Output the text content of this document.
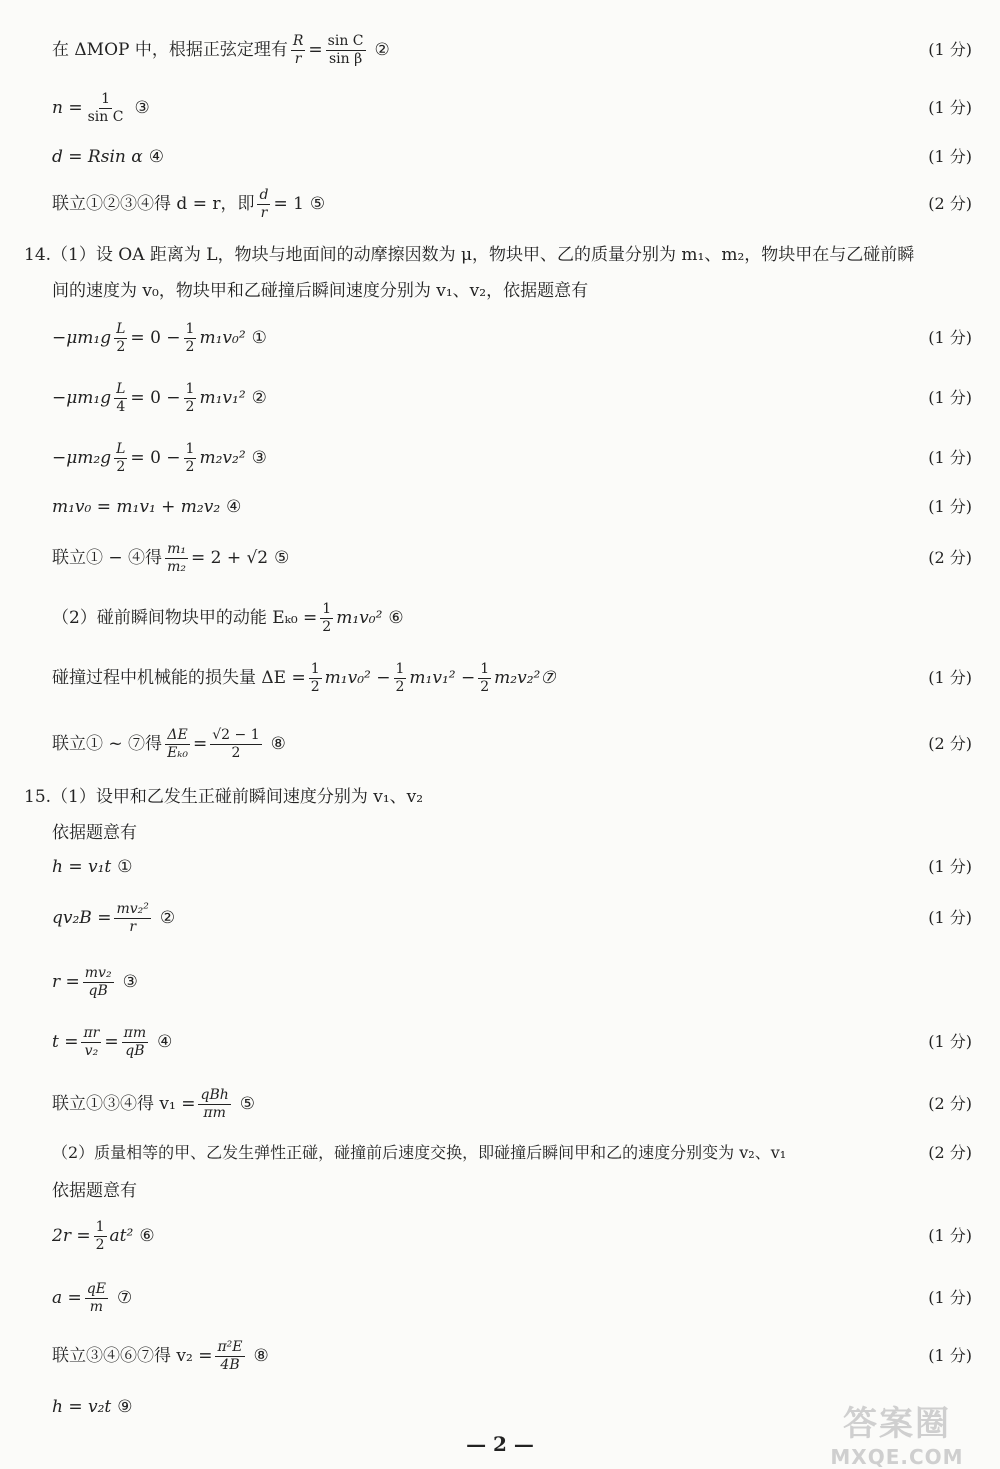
在 ΔMOP 中，根据正弦定理有 $\frac{R}{r} = \frac{\text{sin C}}{\text{sin β}}$ ②	( 1 分 )
$n = \frac{1}{\text{sin C}}$ ③	( 1 分 )
d = Rsin α ④	( 1 分 )
联立①②③④得 d = r，即 $\frac{d}{r} = 1$ ⑤	( 2 分 )
14.（1）设 OA 距离为 L，物块与地面间的动摩擦因数为 μ，物块甲、乙的质量分别为 m₁、m₂，物块甲在与乙碰前瞬
间的速度为 v₀，物块甲和乙碰撞后瞬间速度分别为 v₁、v₂，依据题意有
$-\mu m_1g \frac{L}{2} = 0 - \frac{1}{2} m_1v_0^2$ ①	( 1 分 )
$-\mu m_1g \frac{L}{4} = 0 - \frac{1}{2} m_1v_1^2$ ②	( 1 分 )
$-\mu m_2g \frac{L}{2} = 0 - \frac{1}{2} m_2v_2^2$ ③	( 1 分 )
m₁v₀ = m₁v₁ + m₂v₂ ④	( 1 分 )
联立① − ④得 $\frac{\text{m₁}}{\text{m₂}} = 2 + √2$ ⑤	( 2 分 )
（2）碰前瞬间物块甲的动能 $E_{k0} = \frac{1}{2} m_1v_0^2$ ⑥
碰撞过程中机械能的损失量 $\Delta E = \frac{1}{2} m_1v_0^2 - \frac{1}{2} m_1v_1^2 - \frac{1}{2}$ m₂v₂²⑦	( 1 分 )
联立① ~ ⑦得 $\frac{\Delta E}{\text{Eₖ₀}} = \frac{√2 - 1}{2}$ ⑧	( 2 分 )
15.（1）设甲和乙发生正碰前瞬间速度分别为 v₁、v₂
依据题意有
h = v₁t ①	( 1 分 )
$qv_2B = \frac{\text{mv₂²}}{r}$ ②	( 1 分 )
$r = \frac{\text{mv₂}}{qB}$ ③
$t = \frac{\pi r}{\text{v₂}} = \frac{\pi m}{qB}$ ④	( 1 分 )
联立①③④得 $v_1 = \frac{\text{qBh}}{\pi m}$ ⑤	( 2 分 )
（2）质量相等的甲、乙发生弹性正碰，碰撞前后速度交换，即碰撞后瞬间甲和乙的速度分别变为 v₂、v₁	( 2 分 )
依据题意有
$2r = \frac{1}{2} at^2$ ⑥	( 1 分 )
$a = \frac{qE}{m}$ ⑦	( 1 分 )
联立③④⑥⑦得 $v_2 = \frac{\text{π²E}}{4B}$ ⑧	( 1 分 )
h = v₂t ⑨
— 2 —	答案圈
MXQE.COM
